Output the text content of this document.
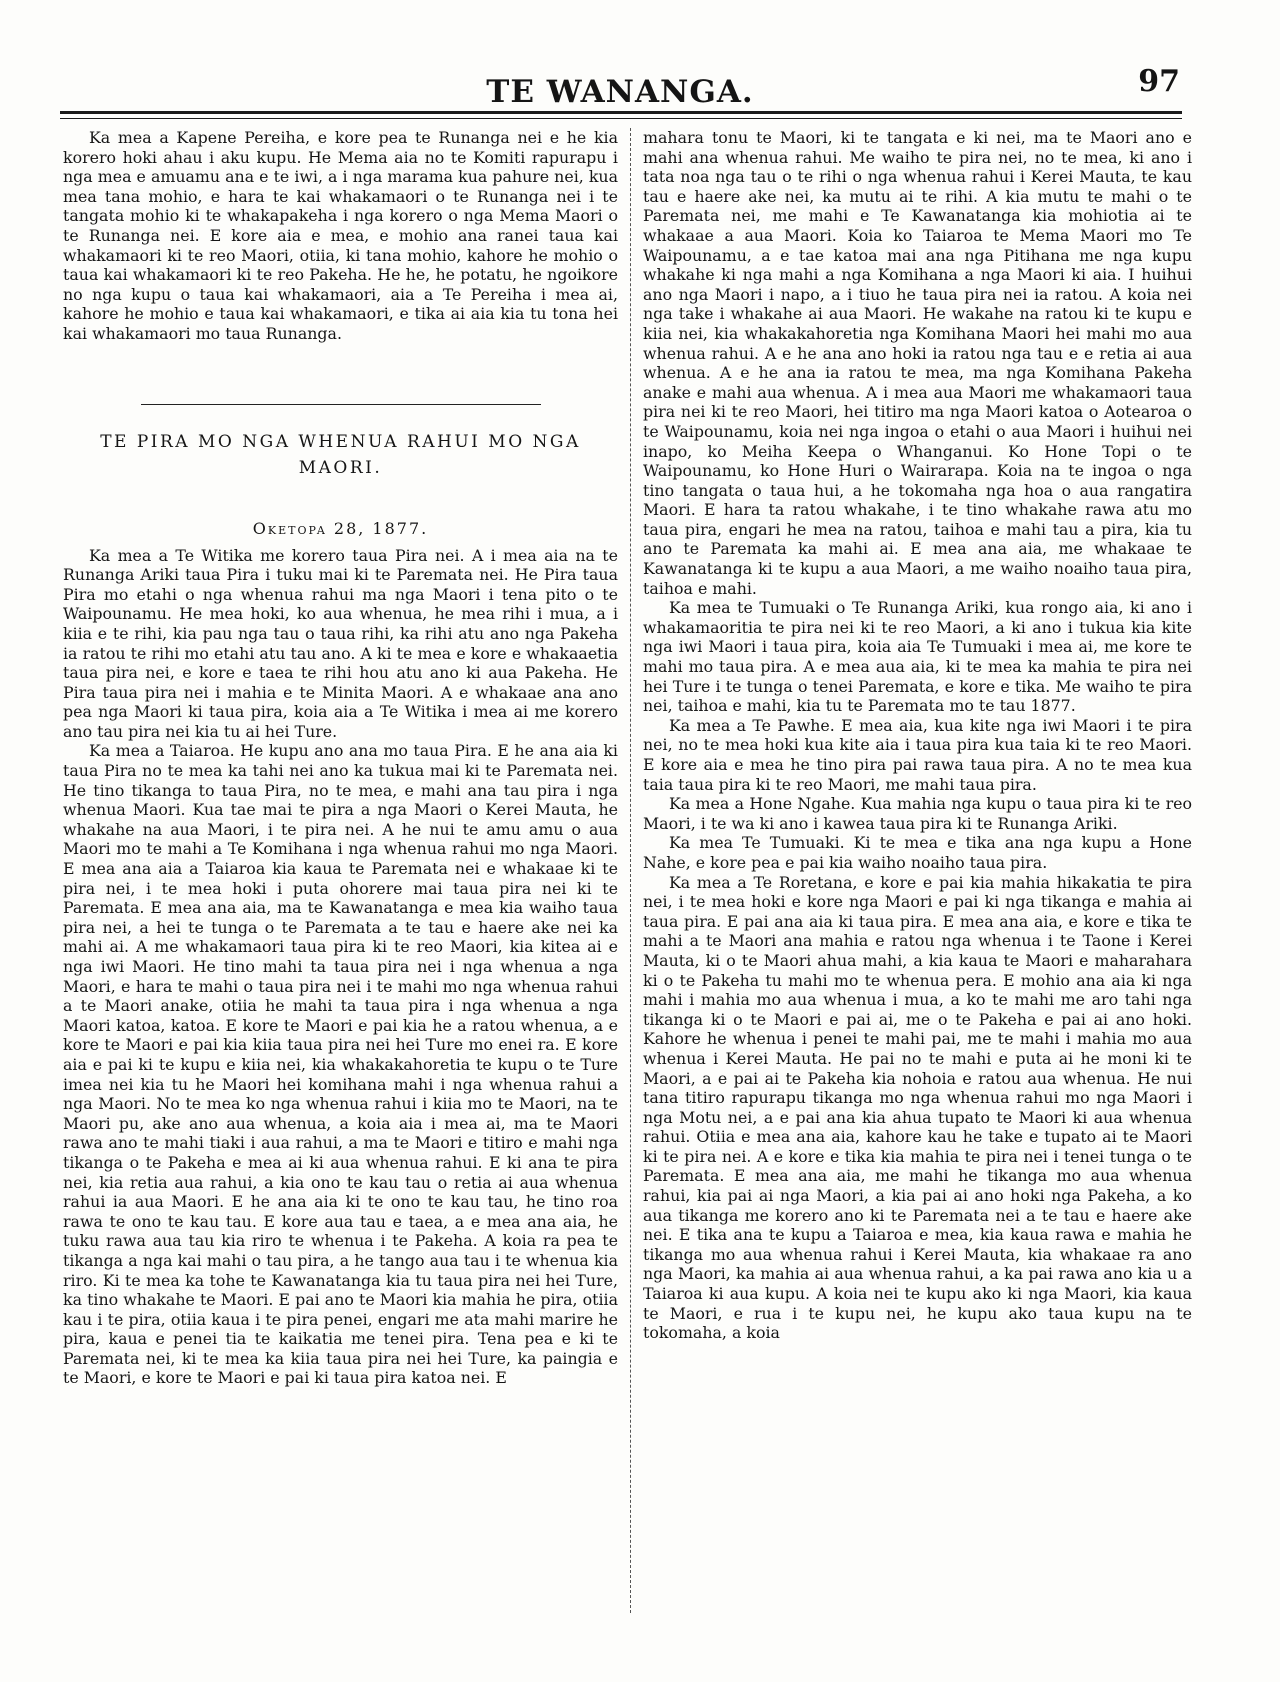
TE WANANGA.	97

Ka mea a Kapene Pereiha, e kore pea te Runanga nei e he kia korero hoki ahau i aku kupu. He Mema aia no te Komiti rapurapu i nga mea e amuamu ana e te iwi, a i nga marama kua pahure nei, kua mea tana mohio, e hara te kai whakamaori o te Runanga nei i te tangata mohio ki te whakapakeha i nga korero o nga Mema Maori o te Runanga nei. E kore aia e mea, e mohio ana ranei taua kai whakamaori ki te reo Maori, otiia, ki tana mohio, kahore he mohio o taua kai whakamaori ki te reo Pakeha. He he, he potatu, he ngoikore no nga kupu o taua kai whakamaori, aia a Te Pereiha i mea ai, kahore he mohio e taua kai whakamaori, e tika ai aia kia tu tona hei kai whakamaori mo taua Runanga.

TE PIRA MO NGA WHENUA RAHUI MO NGA MAORI.
Oketopa 28, 1877.

Ka mea a Te Witika me korero taua Pira nei. A i mea aia na te Runanga Ariki taua Pira i tuku mai ki te Paremata nei. He Pira taua Pira mo etahi o nga whenua rahui ma nga Maori i tena pito o te Waipounamu. He mea hoki, ko aua whenua, he mea rihi i mua, a i kiia e te rihi, kia pau nga tau o taua rihi, ka rihi atu ano nga Pakeha ia ratou te rihi mo etahi atu tau ano. A ki te mea e kore e whakaaetia taua pira nei, e kore e taea te rihi hou atu ano ki aua Pakeha. He Pira taua pira nei i mahia e te Minita Maori. A e whakaae ana ano pea nga Maori ki taua pira, koia aia a Te Witika i mea ai me korero ano tau pira nei kia tu ai hei Ture.

Ka mea a Taiaroa. He kupu ano ana mo taua Pira. E he ana aia ki taua Pira no te mea ka tahi nei ano ka tukua mai ki te Paremata nei. He tino tikanga to taua Pira, no te mea, e mahi ana tau pira i nga whenua Maori. Kua tae mai te pira a nga Maori o Kerei Mauta, he whakahe na aua Maori, i te pira nei. A he nui te amu amu o aua Maori mo te mahi a Te Komihana i nga whenua rahui mo nga Maori. E mea ana aia a Taiaroa kia kaua te Paremata nei e whakaae ki te pira nei, i te mea hoki i puta ohorere mai taua pira nei ki te Paremata. E mea ana aia, ma te Kawanatanga e mea kia waiho taua pira nei, a hei te tunga o te Paremata a te tau e haere ake nei ka mahi ai. A me whakamaori taua pira ki te reo Maori, kia kitea ai e nga iwi Maori. He tino mahi ta taua pira nei i nga whenua a nga Maori, e hara te mahi o taua pira nei i te mahi mo nga whenua rahui a te Maori anake, otiia he mahi ta taua pira i nga whenua a nga Maori katoa, katoa. E kore te Maori e pai kia he a ratou whenua, a e kore te Maori e pai kia kiia taua pira nei hei Ture mo enei ra. E kore aia e pai ki te kupu e kiia nei, kia whakakahoretia te kupu o te Ture imea nei kia tu he Maori hei komihana mahi i nga whenua rahui a nga Maori. No te mea ko nga whenua rahui i kiia mo te Maori, na te Maori pu, ake ano aua whenua, a koia aia i mea ai, ma te Maori rawa ano te mahi tiaki i aua rahui, a ma te Maori e titiro e mahi nga tikanga o te Pakeha e mea ai ki aua whenua rahui. E ki ana te pira nei, kia retia aua rahui, a kia ono te kau tau o retia ai aua whenua rahui ia aua Maori. E he ana aia ki te ono te kau tau, he tino roa rawa te ono te kau tau. E kore aua tau e taea, a e mea ana aia, he tuku rawa aua tau kia riro te whenua i te Pakeha. A koia ra pea te tikanga a nga kai mahi o tau pira, a he tango aua tau i te whenua kia riro. Ki te mea ka tohe te Kawanatanga kia tu taua pira nei hei Ture, ka tino whakahe te Maori. E pai ano te Maori kia mahia he pira, otiia kau i te pira, otiia kaua i te pira penei, engari me ata mahi marire he pira, kaua e penei tia te kaikatia me tenei pira. Tena pea e ki te Paremata nei, ki te mea ka kiia taua pira nei hei Ture, ka paingia e te Maori, e kore te Maori e pai ki taua pira katoa nei. E

mahara tonu te Maori, ki te tangata e ki nei, ma te Maori ano e mahi ana whenua rahui. Me waiho te pira nei, no te mea, ki ano i tata noa nga tau o te rihi o nga whenua rahui i Kerei Mauta, te kau tau e haere ake nei, ka mutu ai te rihi. A kia mutu te mahi o te Paremata nei, me mahi e Te Kawanatanga kia mohiotia ai te whakaae a aua Maori. Koia ko Taiaroa te Mema Maori mo Te Waipounamu, a e tae katoa mai ana nga Pitihana me nga kupu whakahe ki nga mahi a nga Komihana a nga Maori ki aia. I huihui ano nga Maori i napo, a i tiuo he taua pira nei ia ratou. A koia nei nga take i whakahe ai aua Maori. He wakahe na ratou ki te kupu e kiia nei, kia whakakahoretia nga Komihana Maori hei mahi mo aua whenua rahui. A e he ana ano hoki ia ratou nga tau e e retia ai aua whenua. A e he ana ia ratou te mea, ma nga Komihana Pakeha anake e mahi aua whenua. A i mea aua Maori me whakamaori taua pira nei ki te reo Maori, hei titiro ma nga Maori katoa o Aotearoa o te Waipounamu, koia nei nga ingoa o etahi o aua Maori i huihui nei inapo, ko Meiha Keepa o Whanganui. Ko Hone Topi o te Waipounamu, ko Hone Huri o Wairarapa. Koia na te ingoa o nga tino tangata o taua hui, a he tokomaha nga hoa o aua rangatira Maori. E hara ta ratou whakahe, i te tino whakahe rawa atu mo taua pira, engari he mea na ratou, taihoa e mahi tau a pira, kia tu ano te Paremata ka mahi ai. E mea ana aia, me whakaae te Kawanatanga ki te kupu a aua Maori, a me waiho noaiho taua pira, taihoa e mahi.

Ka mea te Tumuaki o Te Runanga Ariki, kua rongo aia, ki ano i whakamaoritia te pira nei ki te reo Maori, a ki ano i tukua kia kite nga iwi Maori i taua pira, koia aia Te Tumuaki i mea ai, me kore te mahi mo taua pira. A e mea aua aia, ki te mea ka mahia te pira nei hei Ture i te tunga o tenei Paremata, e kore e tika. Me waiho te pira nei, taihoa e mahi, kia tu te Paremata mo te tau 1877.

Ka mea a Te Pawhe. E mea aia, kua kite nga iwi Maori i te pira nei, no te mea hoki kua kite aia i taua pira kua taia ki te reo Maori. E kore aia e mea he tino pira pai rawa taua pira. A no te mea kua taia taua pira ki te reo Maori, me mahi taua pira.

Ka mea a Hone Ngahe. Kua mahia nga kupu o taua pira ki te reo Maori, i te wa ki ano i kawea taua pira ki te Runanga Ariki.

Ka mea Te Tumuaki. Ki te mea e tika ana nga kupu a Hone Nahe, e kore pea e pai kia waiho noaiho taua pira.

Ka mea a Te Roretana, e kore e pai kia mahia hikakatia te pira nei, i te mea hoki e kore nga Maori e pai ki nga tikanga e mahia ai taua pira. E pai ana aia ki taua pira. E mea ana aia, e kore e tika te mahi a te Maori ana mahia e ratou nga whenua i te Taone i Kerei Mauta, ki o te Maori ahua mahi, a kia kaua te Maori e maharahara ki o te Pakeha tu mahi mo te whenua pera. E mohio ana aia ki nga mahi i mahia mo aua whenua i mua, a ko te mahi me aro tahi nga tikanga ki o te Maori e pai ai, me o te Pakeha e pai ai ano hoki. Kahore he whenua i penei te mahi pai, me te mahi i mahia mo aua whenua i Kerei Mauta. He pai no te mahi e puta ai he moni ki te Maori, a e pai ai te Pakeha kia nohoia e ratou aua whenua. He nui tana titiro rapurapu tikanga mo nga whenua rahui mo nga Maori i nga Motu nei, a e pai ana kia ahua tupato te Maori ki aua whenua rahui. Otiia e mea ana aia, kahore kau he take e tupato ai te Maori ki te pira nei. A e kore e tika kia mahia te pira nei i tenei tunga o te Paremata. E mea ana aia, me mahi he tikanga mo aua whenua rahui, kia pai ai nga Maori, a kia pai ai ano hoki nga Pakeha, a ko aua tikanga me korero ano ki te Paremata nei a te tau e haere ake nei. E tika ana te kupu a Taiaroa e mea, kia kaua rawa e mahia he tikanga mo aua whenua rahui i Kerei Mauta, kia whakaae ra ano nga Maori, ka mahia ai aua whenua rahui, a ka pai rawa ano kia u a Taiaroa ki aua kupu. A koia nei te kupu ako ki nga Maori, kia kaua te Maori, e rua i te kupu nei, he kupu ako taua kupu na te tokomaha, a koia
